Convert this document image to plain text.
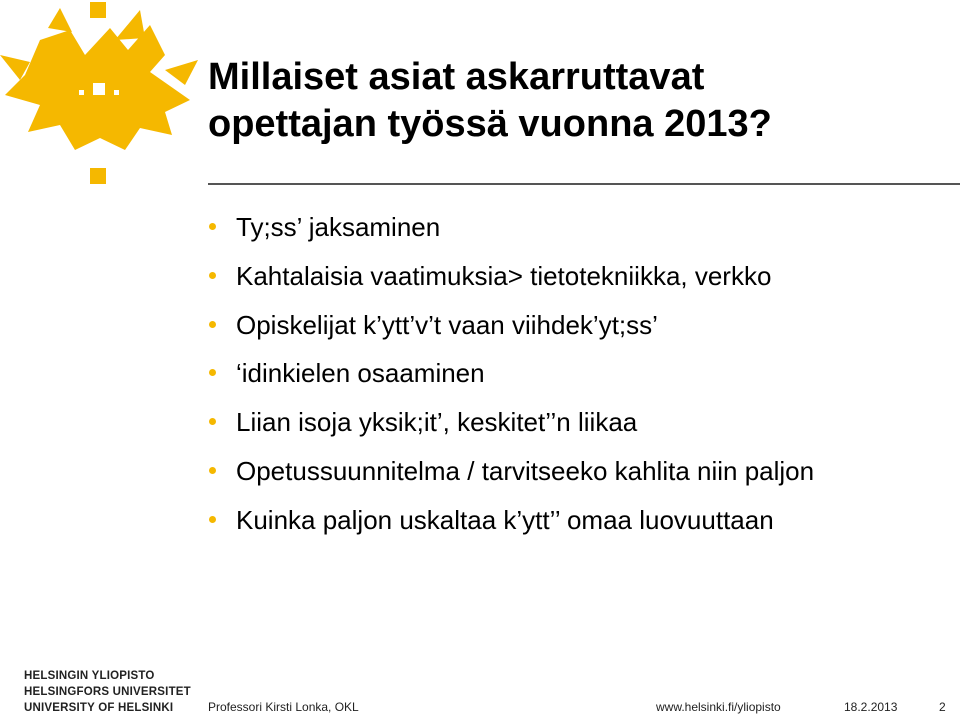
Millaiset asiat askarruttavat
opettajan työssä vuonna 2013?
Ty;ss’ jaksaminen
Kahtalaisia vaatimuksia> tietotekniikka, verkko
Opiskelijat k’ytt’v’t vaan viihdek’yt;ss’
‘idinkielen osaaminen
Liian isoja yksik;it’, keskitet’’n liikaa
Opetussuunnitelma / tarvitseeko kahlita niin paljon
Kuinka paljon uskaltaa k’ytt’’ omaa luovuuttaan
HELSINGIN YLIOPISTO
HELSINGFORS UNIVERSITET
UNIVERSITY OF HELSINKI	Professori Kirsti Lonka, OKL	www.helsinki.fi/yliopisto	18.2.2013	2
